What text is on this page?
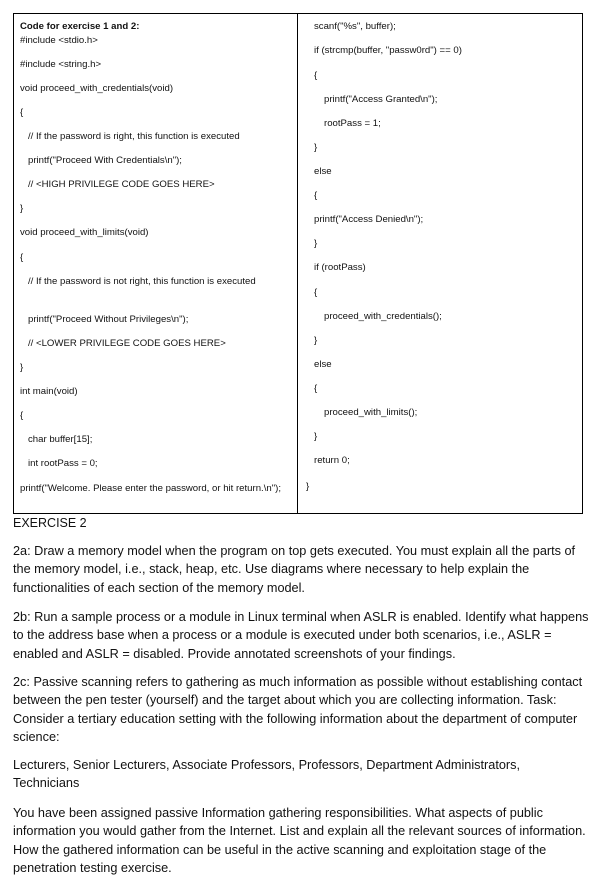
Code for exercise 1 and 2:
#include <stdio.h>
#include <string.h>
void proceed_with_credentials(void)
{
// If the password is right, this function is executed
printf("Proceed With Credentials\n");
// <HIGH PRIVILEGE CODE GOES HERE>
}
void proceed_with_limits(void)
{
// If the password is not right, this function is executed
printf("Proceed Without Privileges\n");
// <LOWER PRIVILEGE CODE GOES HERE>
}
int main(void)
{
char buffer[15];
int rootPass = 0;
printf("Welcome. Please enter the password, or hit return.\n");
scanf("%s", buffer);
if (strcmp(buffer, "passw0rd") == 0)
{
printf("Access Granted\n");
rootPass = 1;
}
else
{
printf("Access Denied\n");
}
if (rootPass)
{
proceed_with_credentials();
}
else
{
proceed_with_limits();
}
return 0;
}
EXERCISE 2

2a: Draw a memory model when the program on top gets executed. You must explain all the parts of the memory model, i.e., stack, heap, etc. Use diagrams where necessary to help explain the functionalities of each section of the memory model.

2b: Run a sample process or a module in Linux terminal when ASLR is enabled. Identify what happens to the address base when a process or a module is executed under both scenarios, i.e., ASLR = enabled and ASLR = disabled. Provide annotated screenshots of your findings.

2c: Passive scanning refers to gathering as much information as possible without establishing contact between the pen tester (yourself) and the target about which you are collecting information. Task: Consider a tertiary education setting with the following information about the department of computer science:

Lecturers, Senior Lecturers, Associate Professors, Professors, Department Administrators, Technicians

You have been assigned passive Information gathering responsibilities. What aspects of public information you would gather from the Internet. List and explain all the relevant sources of information. How the gathered information can be useful in the active scanning and exploitation stage of the penetration testing exercise.
